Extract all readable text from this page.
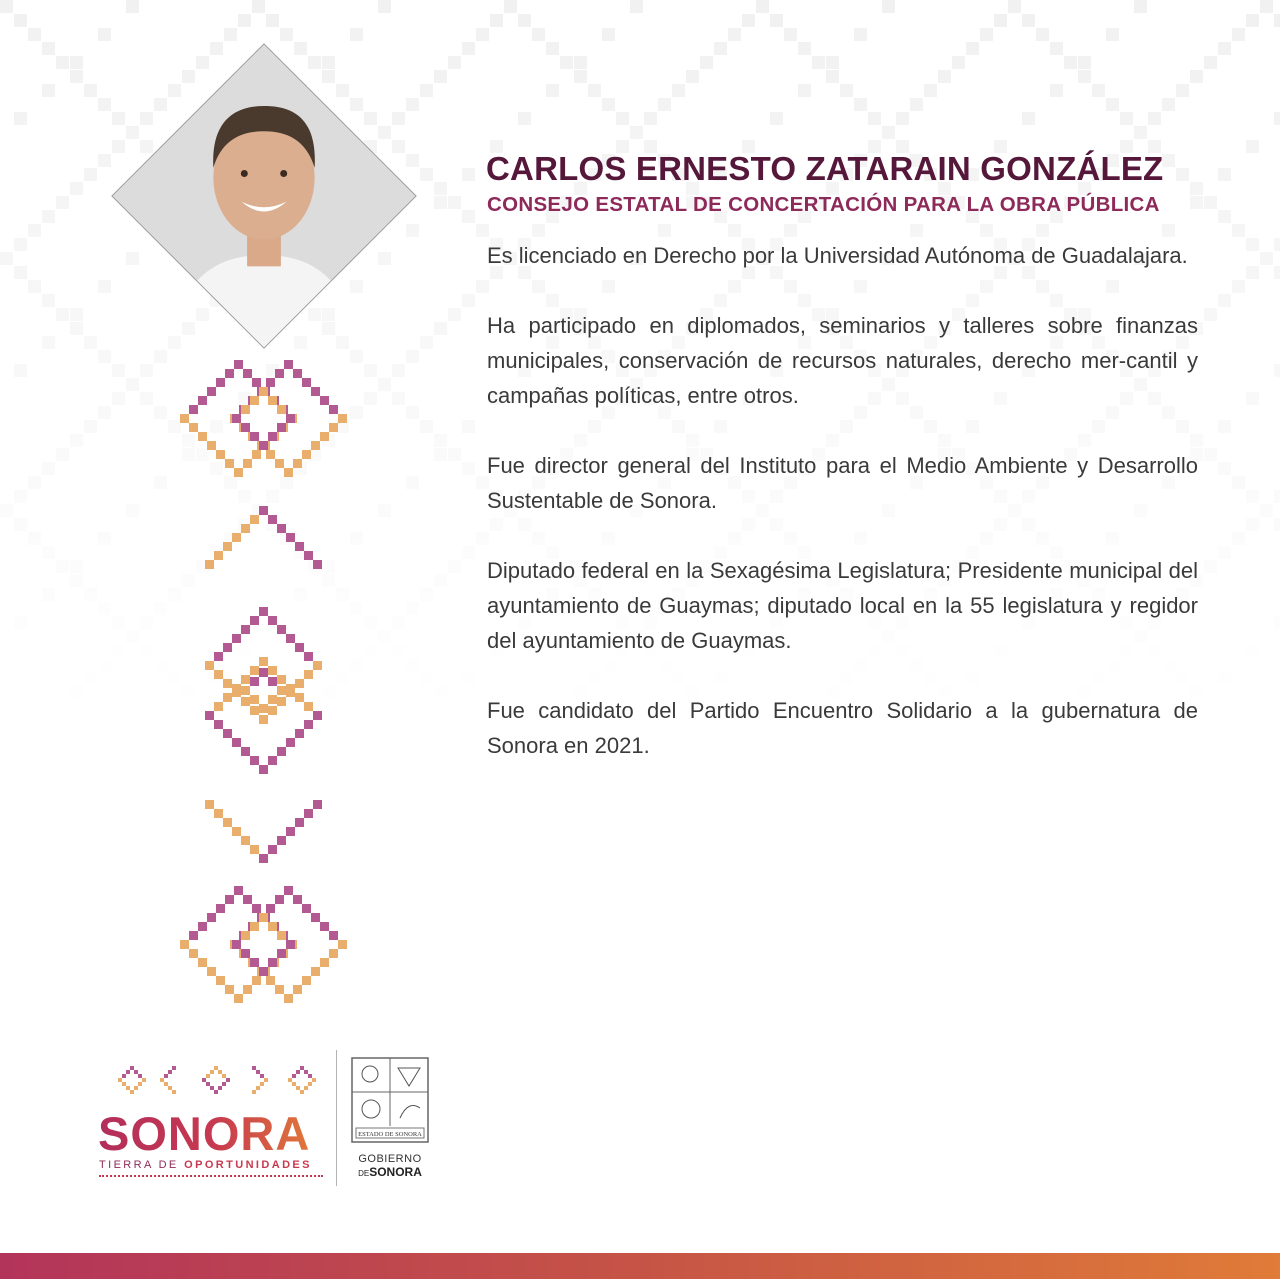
CARLOS ERNESTO ZATARAIN GONZÁLEZ
CONSEJO ESTATAL DE CONCERTACIÓN PARA LA OBRA PÚBLICA

Es licenciado en Derecho por la Universidad Autónoma de Guadalajara.

Ha participado en diplomados, seminarios y talleres sobre finanzas municipales, conservación de recursos naturales, derecho mer-cantil y campañas políticas, entre otros.

Fue director general del Instituto para el Medio Ambiente y Desarrollo Sustentable de Sonora.

Diputado federal en la Sexagésima Legislatura; Presidente municipal del ayuntamiento de Guaymas; diputado local en la 55 legislatura y regidor del ayuntamiento de Guaymas.

Fue candidato del Partido Encuentro Solidario a la gubernatura de Sonora en 2021.

SONORA
TIERRA DE OPORTUNIDADES
ESTADO DE SONORA
GOBIERNO
DESONORA
